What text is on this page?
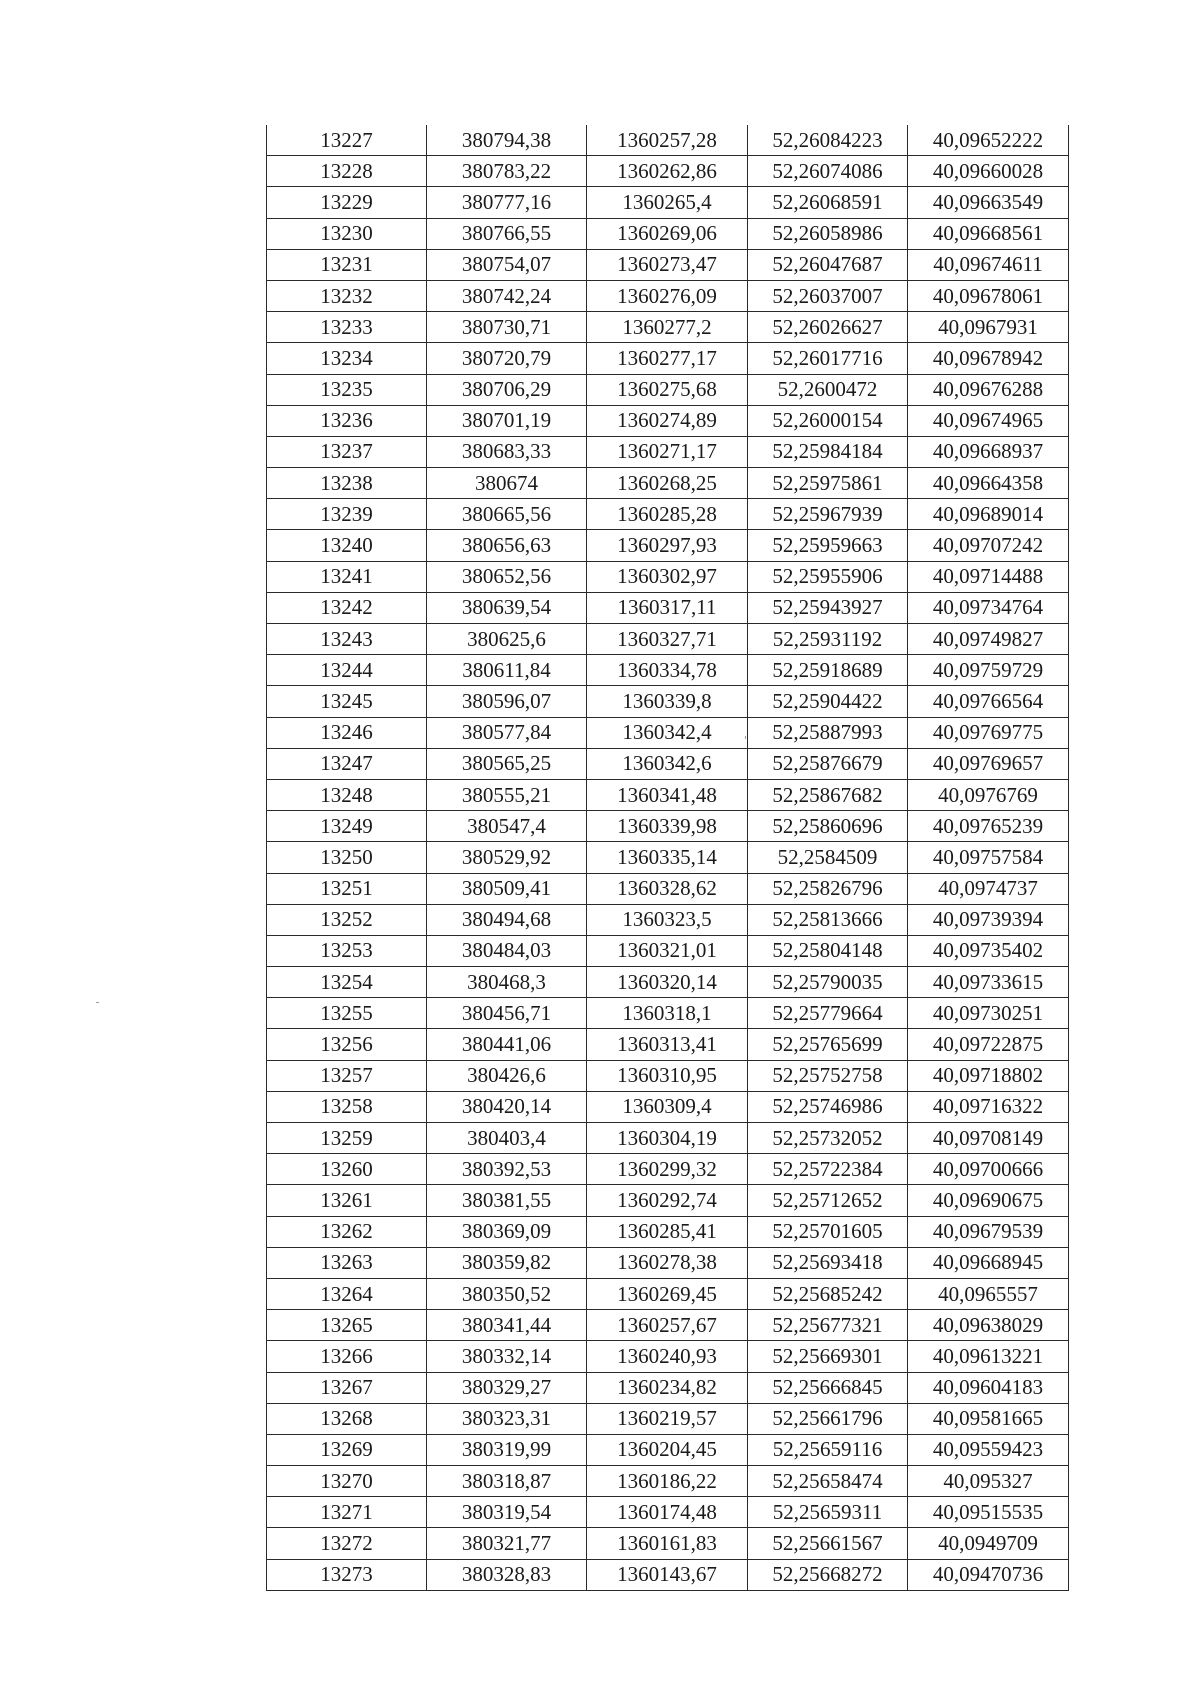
13227	380794,38	1360257,28	52,26084223	40,09652222
13228	380783,22	1360262,86	52,26074086	40,09660028
13229	380777,16	1360265,4	52,26068591	40,09663549
13230	380766,55	1360269,06	52,26058986	40,09668561
13231	380754,07	1360273,47	52,26047687	40,09674611
13232	380742,24	1360276,09	52,26037007	40,09678061
13233	380730,71	1360277,2	52,26026627	40,0967931
13234	380720,79	1360277,17	52,26017716	40,09678942
13235	380706,29	1360275,68	52,2600472	40,09676288
13236	380701,19	1360274,89	52,26000154	40,09674965
13237	380683,33	1360271,17	52,25984184	40,09668937
13238	380674	1360268,25	52,25975861	40,09664358
13239	380665,56	1360285,28	52,25967939	40,09689014
13240	380656,63	1360297,93	52,25959663	40,09707242
13241	380652,56	1360302,97	52,25955906	40,09714488
13242	380639,54	1360317,11	52,25943927	40,09734764
13243	380625,6	1360327,71	52,25931192	40,09749827
13244	380611,84	1360334,78	52,25918689	40,09759729
13245	380596,07	1360339,8	52,25904422	40,09766564
13246	380577,84	1360342,4	52,25887993	40,09769775
13247	380565,25	1360342,6	52,25876679	40,09769657
13248	380555,21	1360341,48	52,25867682	40,0976769
13249	380547,4	1360339,98	52,25860696	40,09765239
13250	380529,92	1360335,14	52,2584509	40,09757584
13251	380509,41	1360328,62	52,25826796	40,0974737
13252	380494,68	1360323,5	52,25813666	40,09739394
13253	380484,03	1360321,01	52,25804148	40,09735402
13254	380468,3	1360320,14	52,25790035	40,09733615
13255	380456,71	1360318,1	52,25779664	40,09730251
13256	380441,06	1360313,41	52,25765699	40,09722875
13257	380426,6	1360310,95	52,25752758	40,09718802
13258	380420,14	1360309,4	52,25746986	40,09716322
13259	380403,4	1360304,19	52,25732052	40,09708149
13260	380392,53	1360299,32	52,25722384	40,09700666
13261	380381,55	1360292,74	52,25712652	40,09690675
13262	380369,09	1360285,41	52,25701605	40,09679539
13263	380359,82	1360278,38	52,25693418	40,09668945
13264	380350,52	1360269,45	52,25685242	40,0965557
13265	380341,44	1360257,67	52,25677321	40,09638029
13266	380332,14	1360240,93	52,25669301	40,09613221
13267	380329,27	1360234,82	52,25666845	40,09604183
13268	380323,31	1360219,57	52,25661796	40,09581665
13269	380319,99	1360204,45	52,25659116	40,09559423
13270	380318,87	1360186,22	52,25658474	40,095327
13271	380319,54	1360174,48	52,25659311	40,09515535
13272	380321,77	1360161,83	52,25661567	40,0949709
13273	380328,83	1360143,67	52,25668272	40,09470736
